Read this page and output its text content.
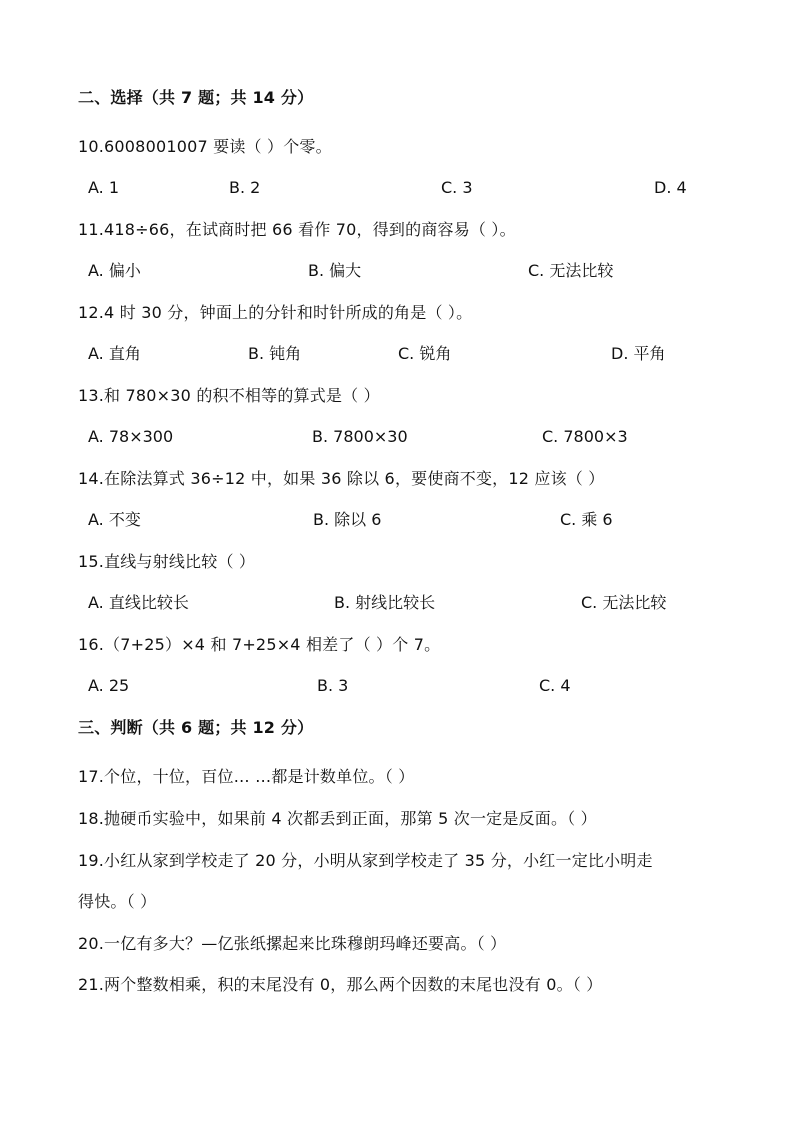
二、选择（共 7 题；共 14 分）
10.6008001007 要读（ ）个零。
A. 1	B. 2	C. 3	D. 4
11.418÷66，在试商时把 66 看作 70，得到的商容易（ ）。
A. 偏小	B. 偏大	C. 无法比较
12.4 时 30 分，钟面上的分针和时针所成的角是（ ）。
A. 直角	B. 钝角	C. 锐角	D. 平角
13.和 780×30 的积不相等的算式是（ ）
A. 78×300	B. 7800×30	C. 7800×3
14.在除法算式 36÷12 中，如果 36 除以 6，要使商不变，12 应该（ ）
A. 不变	B. 除以 6	C. 乘 6
15.直线与射线比较（ ）
A. 直线比较长	B. 射线比较长	C. 无法比较
16.（7+25）×4 和 7+25×4 相差了（ ）个 7。
A. 25	B. 3	C. 4
三、判断（共 6 题；共 12 分）
17.个位，十位，百位… …都是计数单位。（ ）
18.抛硬币实验中，如果前 4 次都丢到正面，那第 5 次一定是反面。（ ）
19.小红从家到学校走了 20 分，小明从家到学校走了 35 分，小红一定比小明走
得快。（ ）
20.一亿有多大？—亿张纸摞起来比珠穆朗玛峰还要高。（ ）
21.两个整数相乘，积的末尾没有 0，那么两个因数的末尾也没有 0。（ ）
